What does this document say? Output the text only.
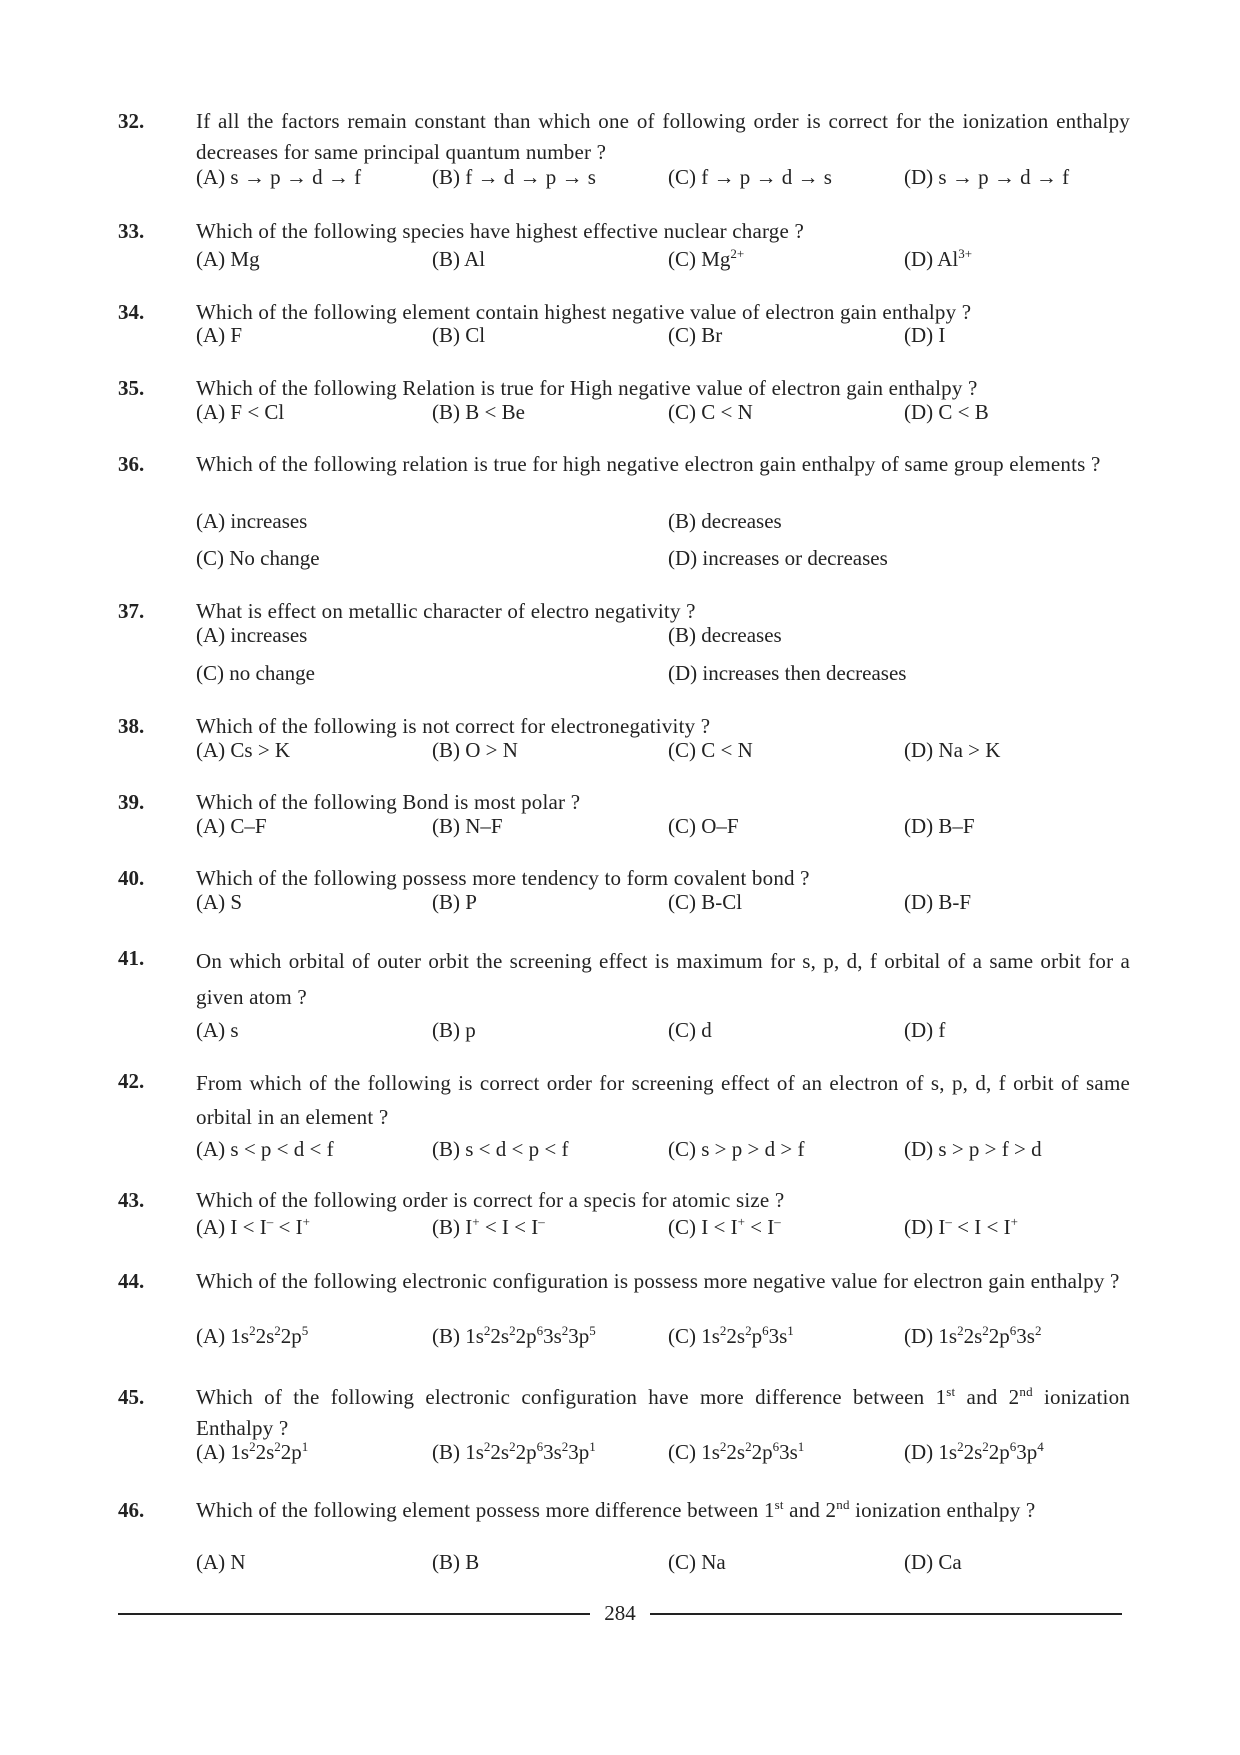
32. If all the factors remain constant than which one of following order is correct for the ionization enthalpy decreases for same principal quantum number ?
(A) s → p → d → f	(B) f → d → p → s	(C) f → p → d → s	(D) s → p → d → f
33. Which of the following species have highest effective nuclear charge ?
(A) Mg	(B) Al	(C) $Mg^{2+}$	(D) $Al^{3+}$
34. Which of the following element contain highest negative value of electron gain enthalpy ?
(A) F	(B) Cl	(C) Br	(D) I
35. Which of the following Relation is true for High negative value of electron gain enthalpy ?
(A) F < Cl	(B) B < Be	(C) C < N	(D) C < B
36. Which of the following relation is true for high negative electron gain enthalpy of same group elements ?
(A) increases	(B) decreases
(C) No change	(D) increases or decreases
37. What is effect on metallic character of electro negativity ?
(A) increases	(B) decreases
(C) no change	(D) increases then decreases
38. Which of the following is not correct for electronegativity ?
(A) Cs > K	(B) O > N	(C) C < N	(D) Na > K
39. Which of the following Bond is most polar ?
(A) C–F	(B) N–F	(C) O–F	(D) B–F
40. Which of the following possess more tendency to form covalent bond ?
(A) S	(B) P	(C) B-Cl	(D) B-F
41. On which orbital of outer orbit the screening effect is maximum for s, p, d, f orbital of a same orbit for a given atom ?
(A) s	(B) p	(C) d	(D) f
42. From which of the following is correct order for screening effect of an electron of s, p, d, f orbit of same orbital in an element ?
(A) s < p < d < f	(B) s < d < p < f	(C) s > p > d > f	(D) s > p > f > d
43. Which of the following order is correct for a specis for atomic size ?
(A) I < I– < I+	(B) I+ < I < I–	(C) I < I+ < I–	(D) I– < I < I+
44. Which of the following electronic configuration is possess more negative value for electron gain enthalpy ?
(A) $1s^22s^22p^5$	(B) $1s^22s^22p^63s^23p^5$	(C) $1s^22s^2p^63s^1$	(D) $1s^22s^22p^63s^2$
45. Which of the following electronic configuration have more difference between 1st and 2nd ionization Enthalpy ?
(A) $1s^22s^22p^1$	(B) $1s^22s^22p^63s^23p^1$	(C) $1s^22s^22p^63s^1$	(D) $1s^22s^22p^63p^4$
46. Which of the following element possess more difference between 1st and 2nd ionization enthalpy ?
(A) N	(B) B	(C) Na	(D) Ca
284
